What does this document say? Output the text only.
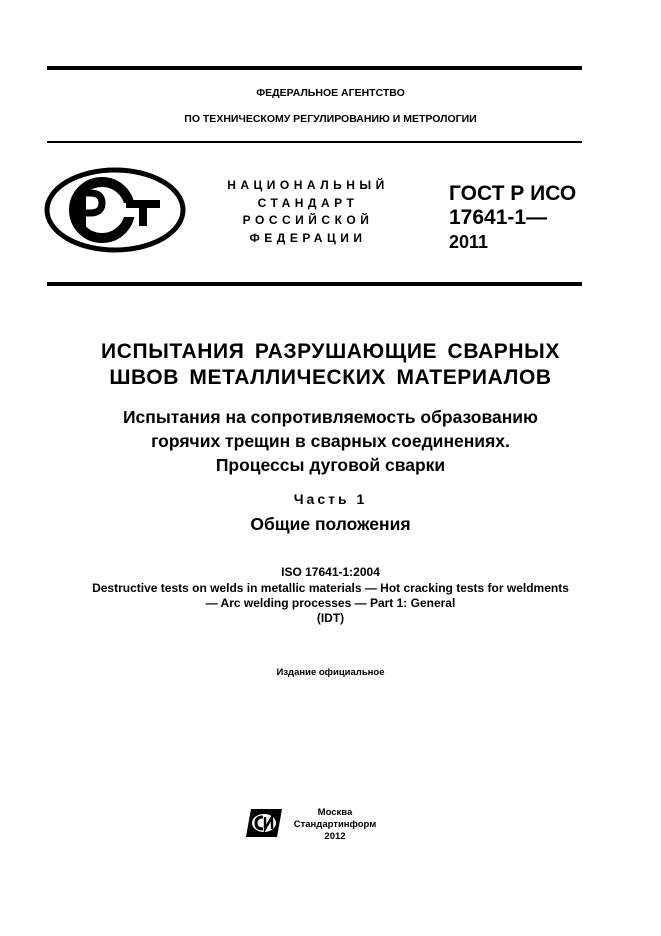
ФЕДЕРАЛЬНОЕ АГЕНТСТВО
ПО ТЕХНИЧЕСКОМУ РЕГУЛИРОВАНИЮ И МЕТРОЛОГИИ
НАЦИОНАЛЬНЫЙ
СТАНДАРТ
РОССИЙСКОЙ
ФЕДЕРАЦИИ
ГОСТ Р ИСО
17641-1—
2011
ИСПЫТАНИЯ РАЗРУШАЮЩИЕ СВАРНЫХ
ШВОВ МЕТАЛЛИЧЕСКИХ МАТЕРИАЛОВ
Испытания на сопротивляемость образованию
горячих трещин в сварных соединениях.
Процессы дуговой сварки
Часть 1
Общие положения
ISO 17641-1:2004
Destructive tests on welds in metallic materials — Hot cracking tests for weldments
— Arc welding processes — Part 1: General
(IDT)
Издание официальное
Москва
Стандартинформ
2012
